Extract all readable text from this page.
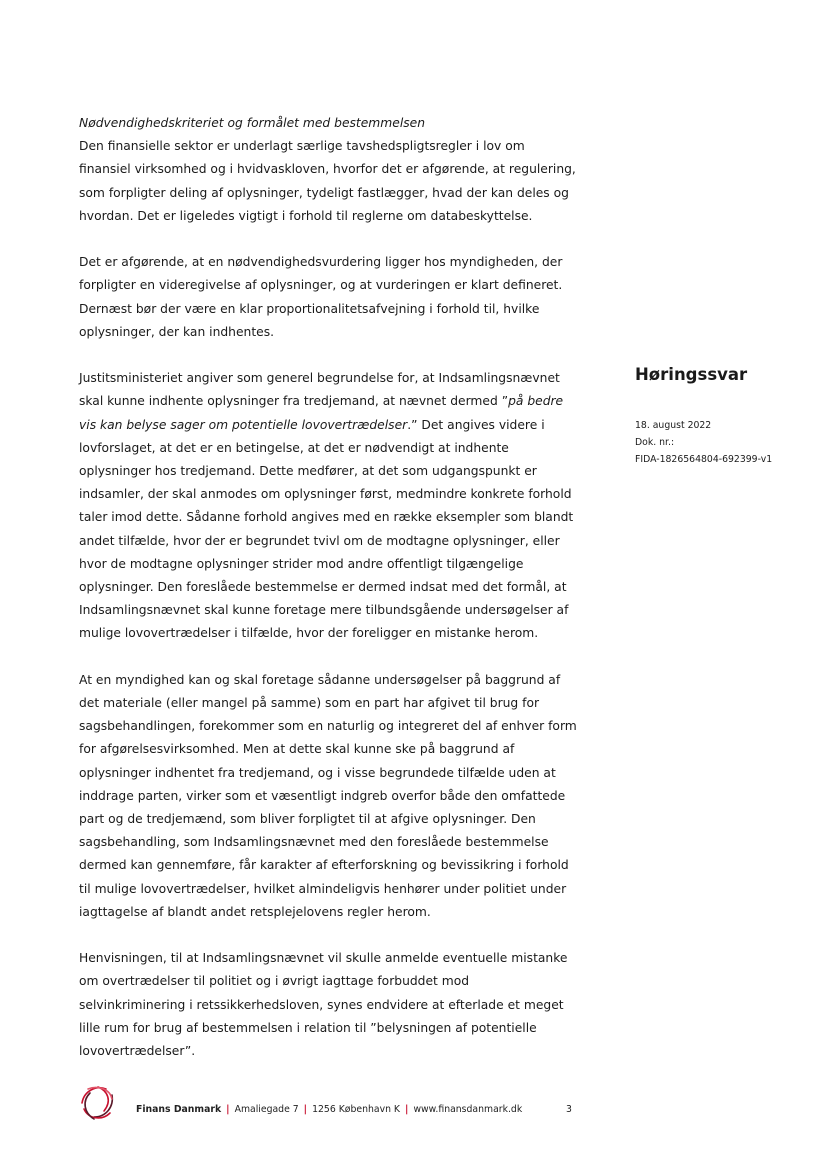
Nødvendighedskriteriet og formålet med bestemmelsen

Den finansielle sektor er underlagt særlige tavshedspligtsregler i lov om finansiel virksomhed og i hvidvaskloven, hvorfor det er afgørende, at regulering, som forpligter deling af oplysninger, tydeligt fastlægger, hvad der kan deles og hvordan. Det er ligeledes vigtigt i forhold til reglerne om databeskyttelse.

Det er afgørende, at en nødvendighedsvurdering ligger hos myndigheden, der forpligter en videregivelse af oplysninger, og at vurderingen er klart defineret. Dernæst bør der være en klar proportionalitetsafvejning i forhold til, hvilke oplysninger, der kan indhentes.

Justitsministeriet angiver som generel begrundelse for, at Indsamlingsnævnet skal kunne indhente oplysninger fra tredjemand, at nævnet dermed ”på bedre vis kan belyse sager om potentielle lovovertrædelser.” Det angives videre i lovforslaget, at det er en betingelse, at det er nødvendigt at indhente oplysninger hos tredjemand. Dette medfører, at det som udgangspunkt er indsamler, der skal anmodes om oplysninger først, medmindre konkrete forhold taler imod dette. Sådanne forhold angives med en række eksempler som blandt andet tilfælde, hvor der er begrundet tvivl om de modtagne oplysninger, eller hvor de modtagne oplysninger strider mod andre offentligt tilgængelige oplysninger. Den foreslåede bestemmelse er dermed indsat med det formål, at Indsamlingsnævnet skal kunne foretage mere tilbundsgående undersøgelser af mulige lovovertrædelser i tilfælde, hvor der foreligger en mistanke herom.

At en myndighed kan og skal foretage sådanne undersøgelser på baggrund af det materiale (eller mangel på samme) som en part har afgivet til brug for sagsbehandlingen, forekommer som en naturlig og integreret del af enhver form for afgørelsesvirksomhed. Men at dette skal kunne ske på baggrund af oplysninger indhentet fra tredjemand, og i visse begrundede tilfælde uden at inddrage parten, virker som et væsentligt indgreb overfor både den omfattede part og de tredjemænd, som bliver forpligtet til at afgive oplysninger. Den sagsbehandling, som Indsamlingsnævnet med den foreslåede bestemmelse dermed kan gennemføre, får karakter af efterforskning og bevissikring i forhold til mulige lovovertrædelser, hvilket almindeligvis henhører under politiet under iagttagelse af blandt andet retsplejelovens regler herom.

Henvisningen, til at Indsamlingsnævnet vil skulle anmelde eventuelle mistanke om overtrædelser til politiet og i øvrigt iagttage forbuddet mod selvinkriminering i retssikkerhedsloven, synes endvidere at efterlade et meget lille rum for brug af bestemmelsen i relation til ”belysningen af potentielle lovovertrædelser”.

Høringssvar
18. august 2022
Dok. nr.:
FIDA-1826564804-692399-v1
Finans Danmark | Amaliegade 7 | 1256 København K | www.finansdanmark.dk	3
